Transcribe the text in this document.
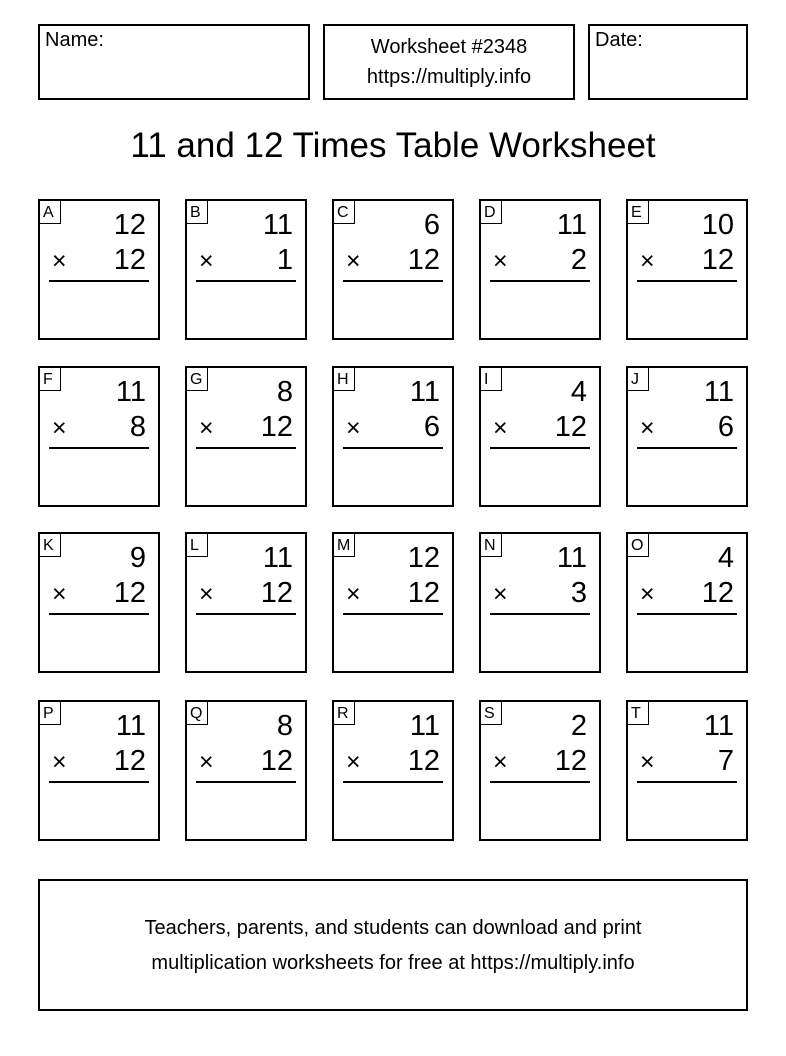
Name:	Worksheet #2348
https://multiply.info
Date:
11 and 12 Times Table Worksheet
A 12
× 12
B 11
× 1
C	6
× 12
D 11
× 2
E 10
× 12
F 11
× 8
G	8
× 12
H 11
× 6
I	4
× 12
J	11
× 6
K	9
× 12
L	11
× 12
M 12
× 12
N 11
× 3
O	4
× 12
P 11
× 12
Q	8
× 12
R 11
× 12
S	2
× 12
T 11
× 7
Teachers, parents, and students can download and print
multiplication worksheets for free at https://multiply.info
